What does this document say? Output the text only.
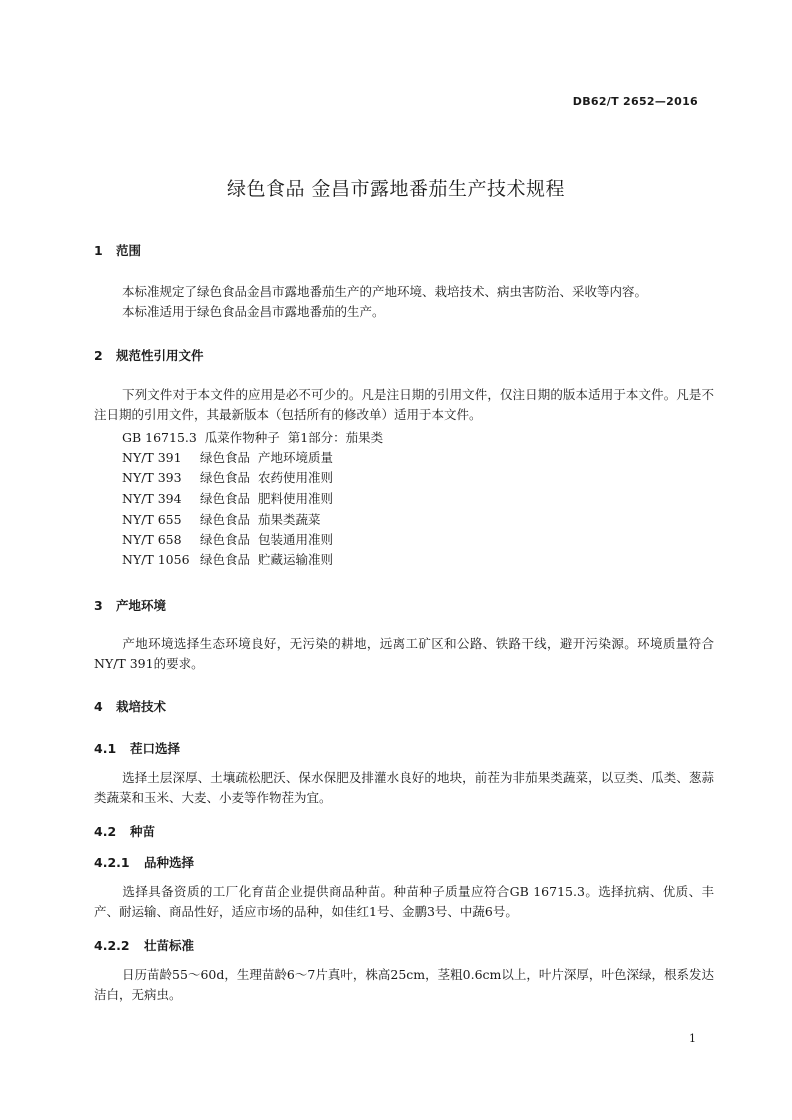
DB62/T 2652—2016
绿色食品 金昌市露地番茄生产技术规程
1 范围
本标准规定了绿色食品金昌市露地番茄生产的产地环境、栽培技术、病虫害防治、采收等内容。
本标准适用于绿色食品金昌市露地番茄的生产。
2 规范性引用文件
下列文件对于本文件的应用是必不可少的。凡是注日期的引用文件，仅注日期的版本适用于本文件。凡是不注日期的引用文件，其最新版本（包括所有的修改单）适用于本文件。
GB 16715.3  瓜菜作物种子  第1部分：茄果类
NY/T 391 绿色食品  产地环境质量
NY/T 393 绿色食品  农药使用准则
NY/T 394 绿色食品  肥料使用准则
NY/T 655 绿色食品  茄果类蔬菜
NY/T 658 绿色食品  包装通用准则
NY/T 1056 绿色食品  贮藏运输准则
3 产地环境
产地环境选择生态环境良好，无污染的耕地，远离工矿区和公路、铁路干线，避开污染源。环境质量符合NY/T 391的要求。
4 栽培技术
4.1 茬口选择
选择土层深厚、土壤疏松肥沃、保水保肥及排灌水良好的地块，前茬为非茄果类蔬菜，以豆类、瓜类、葱蒜类蔬菜和玉米、大麦、小麦等作物茬为宜。
4.2 种苗
4.2.1 品种选择
选择具备资质的工厂化育苗企业提供商品种苗。种苗种子质量应符合GB 16715.3。选择抗病、优质、丰产、耐运输、商品性好，适应市场的品种，如佳红1号、金鹏3号、中蔬6号。
4.2.2 壮苗标准
日历苗龄55～60d，生理苗龄6～7片真叶，株高25cm，茎粗0.6cm以上，叶片深厚，叶色深绿，根系发达洁白，无病虫。
1
